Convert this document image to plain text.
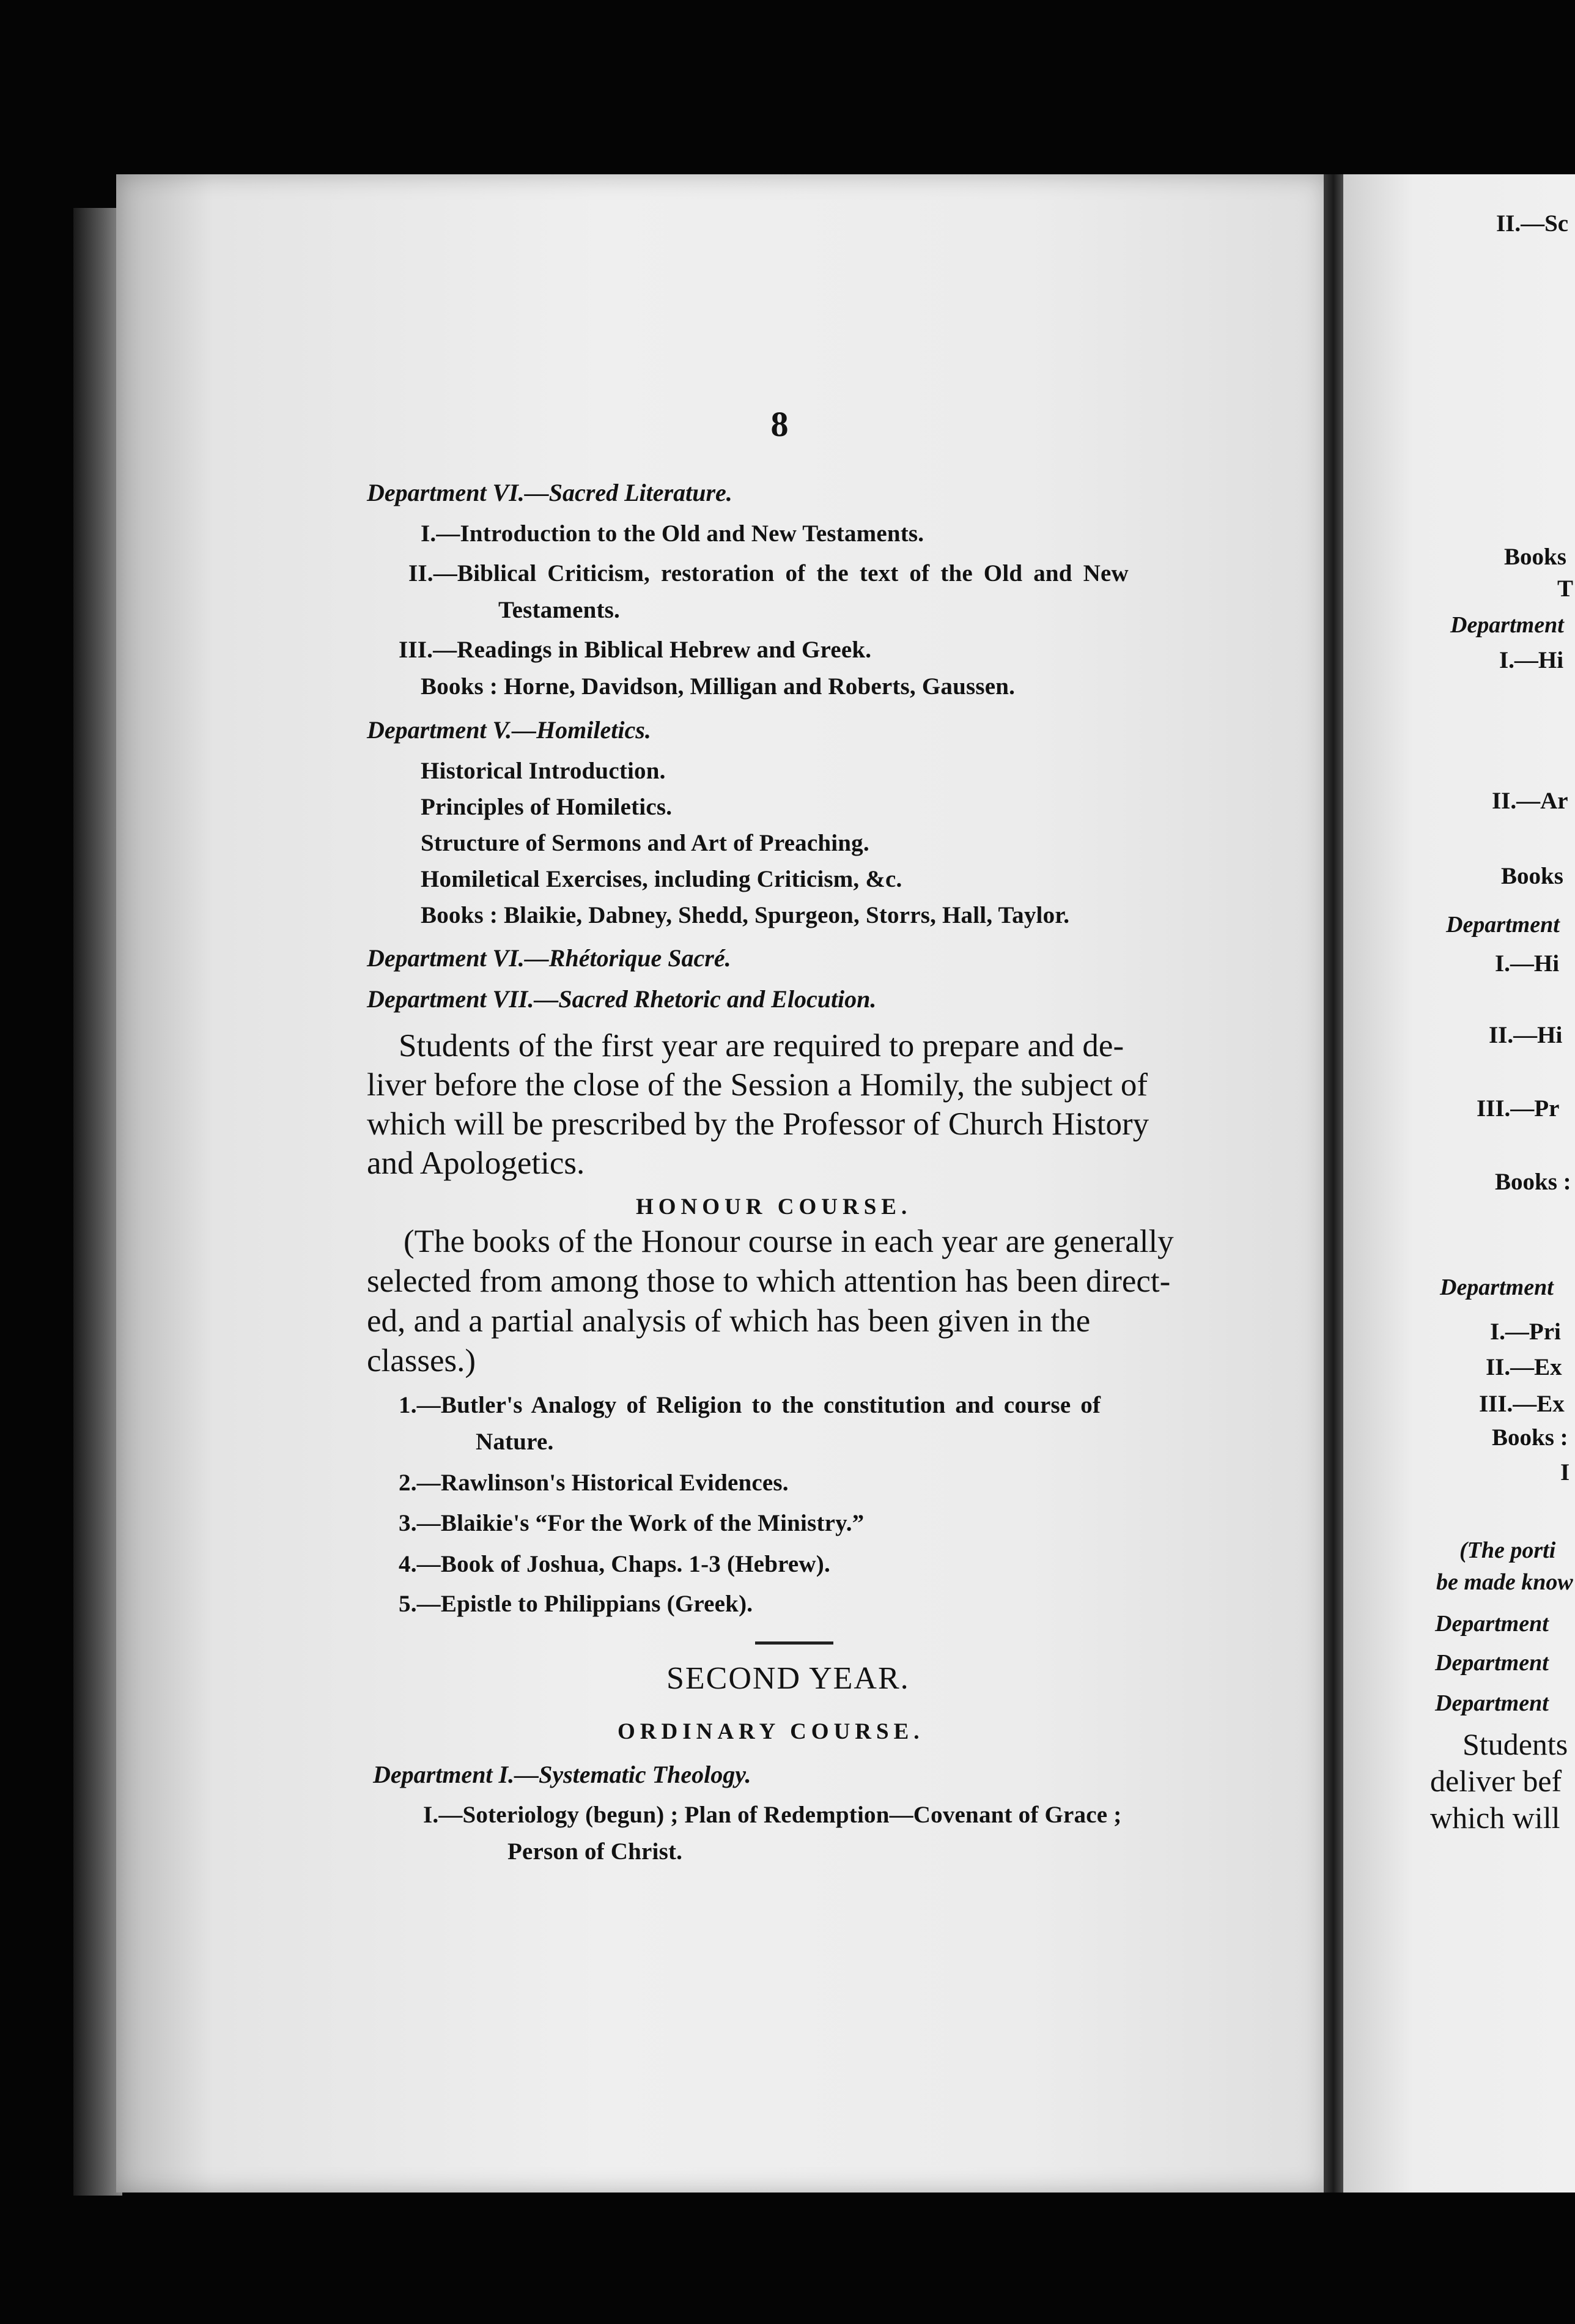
II.—Sc
Books
T
Department
I.—Hi
II.—Ar
Books
Department
I.—Hi
II.—Hi
III.—Pr
Books :
Department
I.—Pri
II.—Ex
III.—Ex
Books :
I
(The porti
be made know
Department
Department
Department
Students
deliver bef
which will
8
Department VI.—Sacred Literature.
I.—Introduction to the Old and New Testaments.
II.—Biblical Criticism, restoration of the text of the Old and New
Testaments.
III.—Readings in Biblical Hebrew and Greek.
Books : Horne, Davidson, Milligan and Roberts, Gaussen.
Department V.—Homiletics.
Historical Introduction.
Principles of Homiletics.
Structure of Sermons and Art of Preaching.
Homiletical Exercises, including Criticism, &c.
Books : Blaikie, Dabney, Shedd, Spurgeon, Storrs, Hall, Taylor.
Department VI.—Rhétorique Sacré.
Department VII.—Sacred Rhetoric and Elocution.
Students of the first year are required to prepare and de-
liver before the close of the Session a Homily, the subject of
which will be prescribed by the Professor of Church History
and Apologetics.
HONOUR COURSE.
(The books of the Honour course in each year are generally
selected from among those to which attention has been direct-
ed, and a partial analysis of which has been given in the
classes.)
1.—Butler's Analogy of Religion to the constitution and course of
Nature.
2.—Rawlinson's Historical Evidences.
3.—Blaikie's “For the Work of the Ministry.”
4.—Book of Joshua, Chaps. 1-3 (Hebrew).
5.—Epistle to Philippians (Greek).
SECOND YEAR.
ORDINARY COURSE.
Department I.—Systematic Theology.
I.—Soteriology (begun) ; Plan of Redemption—Covenant of Grace ;
Person of Christ.
